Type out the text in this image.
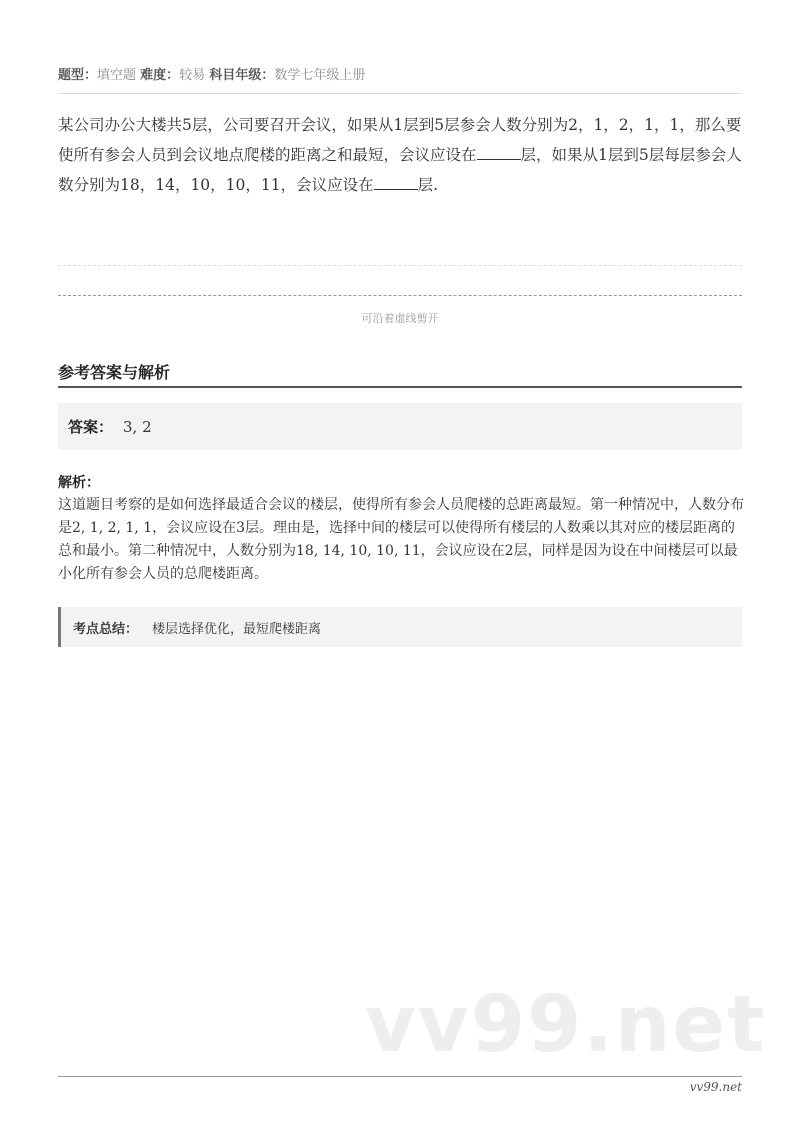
题型：填空题 难度：较易 科目年级：数学七年级上册
某公司办公大楼共5层，公司要召开会议，如果从1层到5层参会人数分别为2，1，2，1，1，那么要使所有参会人员到会议地点爬楼的距离之和最短，会议应设在	层，如果从1层到5层每层参会人数分别为18，14，10，10，11，会议应设在	层.
可沿着虚线剪开
参考答案与解析
答案： 3, 2
解析：
这道题目考察的是如何选择最适合会议的楼层，使得所有参会人员爬楼的总距离最短。第一种情况中，人数分布是2, 1, 2, 1, 1，会议应设在3层。理由是，选择中间的楼层可以使得所有楼层的人数乘以其对应的楼层距离的总和最小。第二种情况中，人数分别为18, 14, 10, 10, 11，会议应设在2层，同样是因为设在中间楼层可以最小化所有参会人员的总爬楼距离。
考点总结： 楼层选择优化，最短爬楼距离
vv99.net
vv99.net
